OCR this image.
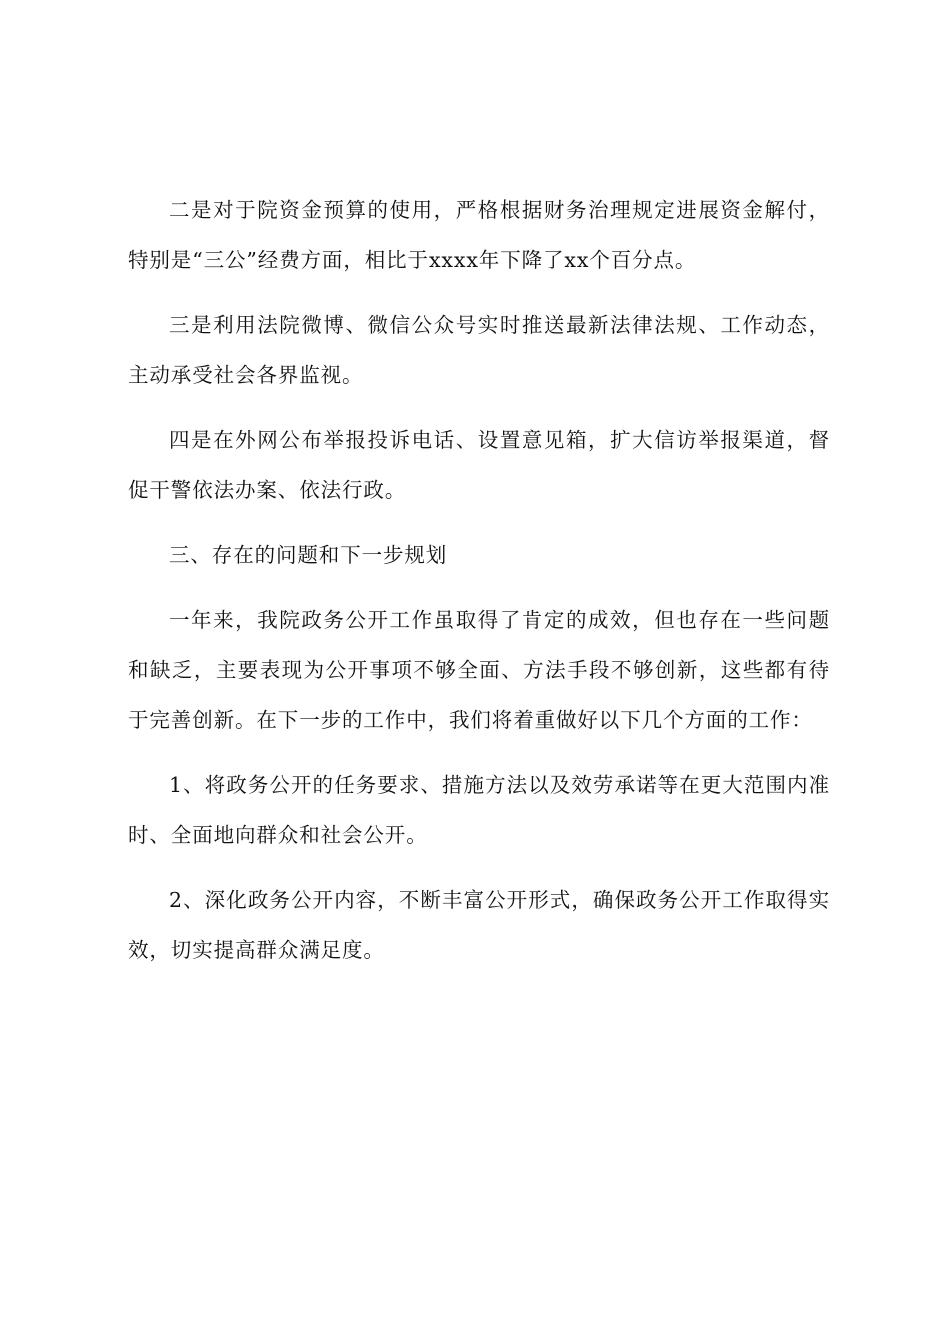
二是对于院资金预算的使用，严格根据财务治理规定进展资金解付，特别是“三公”经费方面，相比于xxxx年下降了xx个百分点。

三是利用法院微博、微信公众号实时推送最新法律法规、工作动态，主动承受社会各界监视。

四是在外网公布举报投诉电话、设置意见箱，扩大信访举报渠道，督促干警依法办案、依法行政。

三、存在的问题和下一步规划

一年来，我院政务公开工作虽取得了肯定的成效，但也存在一些问题和缺乏，主要表现为公开事项不够全面、方法手段不够创新，这些都有待于完善创新。在下一步的工作中，我们将着重做好以下几个方面的工作：

1、将政务公开的任务要求、措施方法以及效劳承诺等在更大范围内准时、全面地向群众和社会公开。

2、深化政务公开内容，不断丰富公开形式，确保政务公开工作取得实效，切实提高群众满足度。
